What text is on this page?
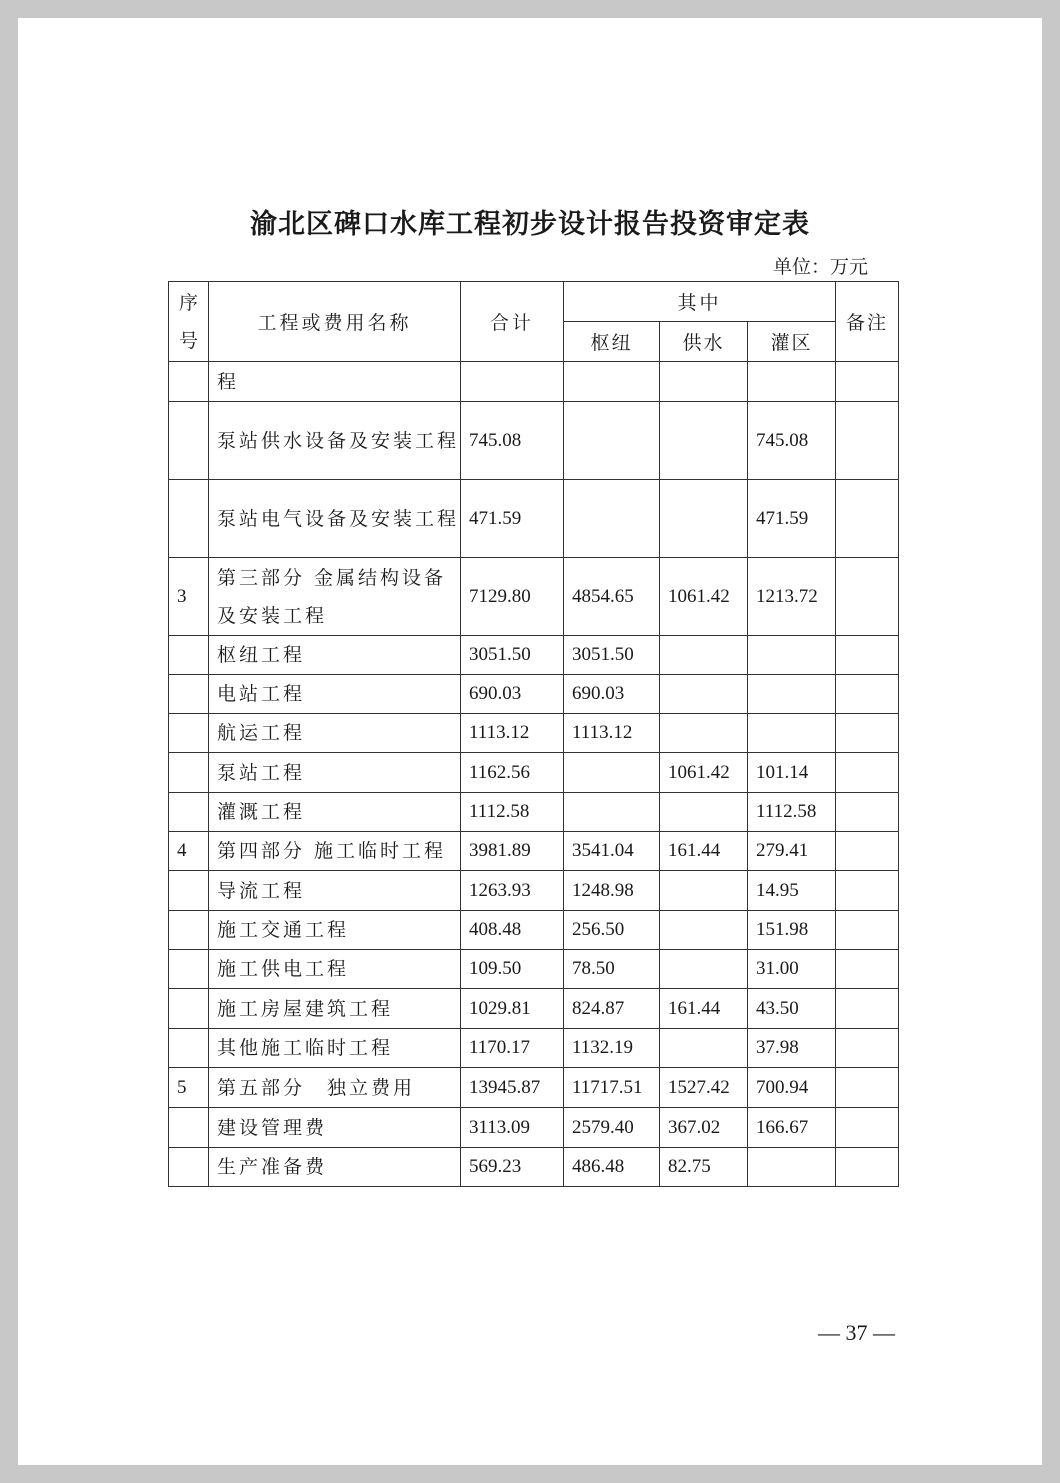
渝北区碑口水库工程初步设计报告投资审定表
单位：万元
序号	工程或费用名称	合计	其中			备注
			枢纽	供水	灌区	
	程					
	泵站供水设备及安装工程	745.08			745.08	
	泵站电气设备及安装工程	471.59			471.59	
3	第三部分 金属结构设备及安装工程	7129.80	4854.65	1061.42	1213.72	
	枢纽工程	3051.50	3051.50			
	电站工程	690.03	690.03			
	航运工程	1113.12	1113.12			
	泵站工程	1162.56		1061.42	101.14	
	灌溉工程	1112.58			1112.58	
4	第四部分 施工临时工程	3981.89	3541.04	161.44	279.41	
	导流工程	1263.93	1248.98		14.95	
	施工交通工程	408.48	256.50		151.98	
	施工供电工程	109.50	78.50		31.00	
	施工房屋建筑工程	1029.81	824.87	161.44	43.50	
	其他施工临时工程	1170.17	1132.19		37.98	
5	第五部分　独立费用	13945.87	11717.51	1527.42	700.94	
	建设管理费	3113.09	2579.40	367.02	166.67	
	生产准备费	569.23	486.48	82.75		
— 37 —
